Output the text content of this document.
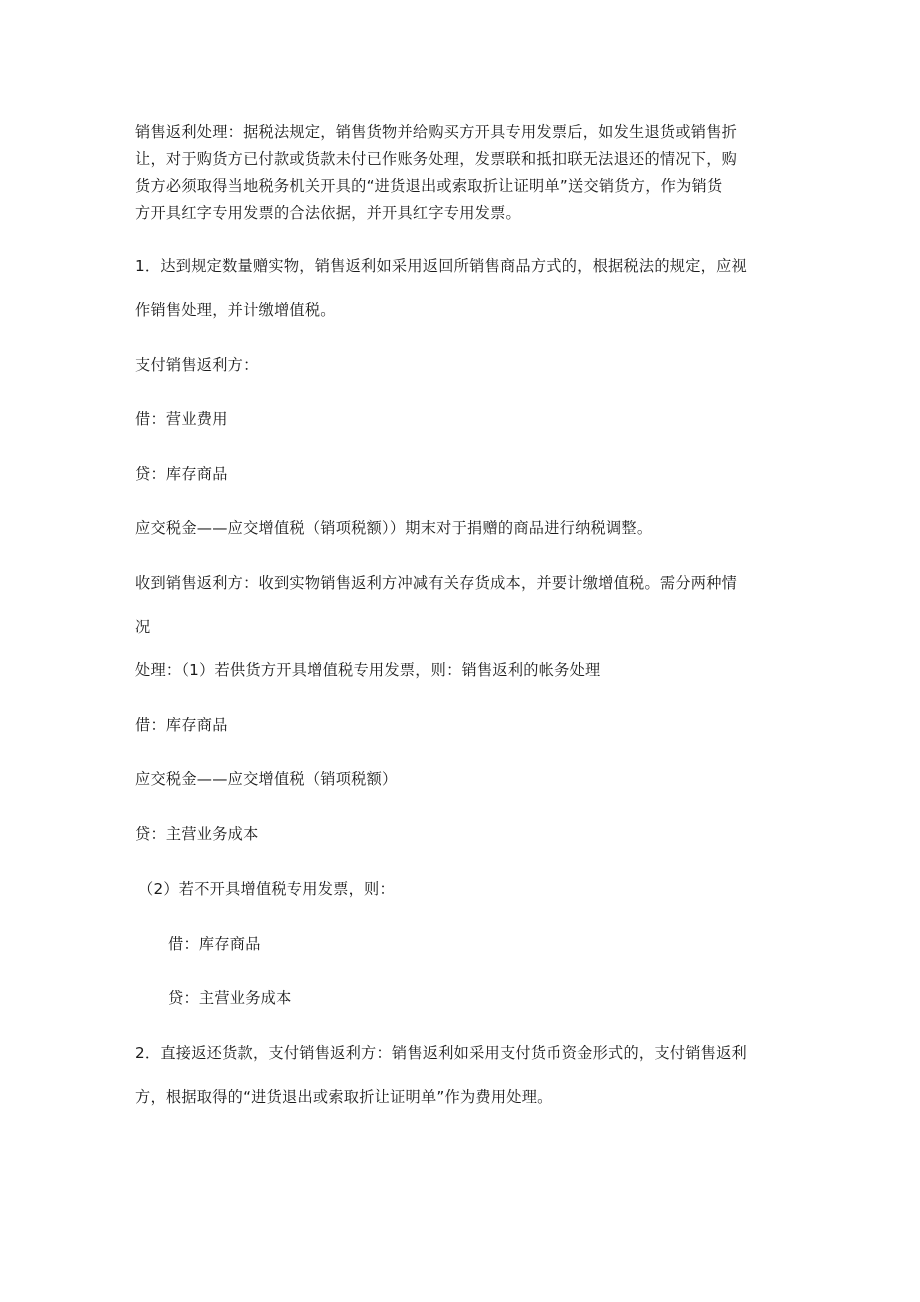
销售返利处理：据税法规定，销售货物并给购买方开具专用发票后，如发生退货或销售折
让，对于购货方已付款或货款未付已作账务处理，发票联和抵扣联无法退还的情况下，购
货方必须取得当地税务机关开具的“进货退出或索取折让证明单”送交销货方，作为销货
方开具红字专用发票的合法依据，并开具红字专用发票。
1．达到规定数量赠实物，销售返利如采用返回所销售商品方式的，根据税法的规定，应视
作销售处理，并计缴增值税。
支付销售返利方：
借：营业费用
贷：库存商品
应交税金——应交增值税（销项税额））期末对于捐赠的商品进行纳税调整。
收到销售返利方：收到实物销售返利方冲减有关存货成本，并要计缴增值税。需分两种情
况
处理：（1）若供货方开具增值税专用发票，则：销售返利的帐务处理
借：库存商品
应交税金——应交增值税（销项税额）
贷：主营业务成本
（2）若不开具增值税专用发票，则：
借：库存商品
贷：主营业务成本
2．直接返还货款，支付销售返利方：销售返利如采用支付货币资金形式的，支付销售返利
方，根据取得的“进货退出或索取折让证明单”作为费用处理。
